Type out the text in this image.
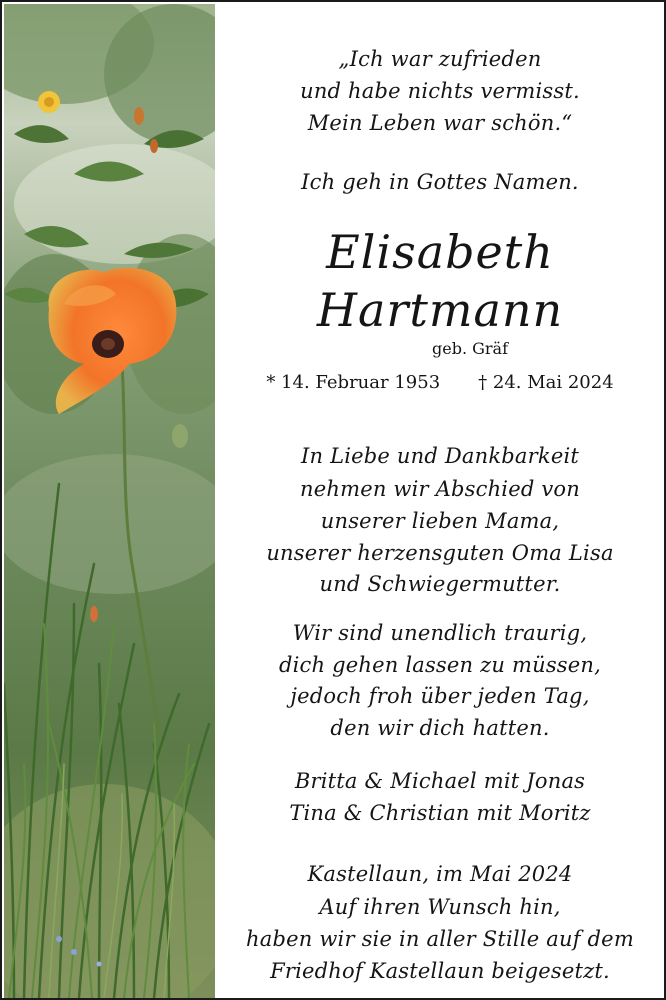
„Ich war zufrieden
und habe nichts vermisst.
Mein Leben war schön.“
Ich geh in Gottes Namen.
Elisabeth
Hartmann
geb. Gräf
* 14. Februar 1953 † 24. Mai 2024
In Liebe und Dankbarkeit
nehmen wir Abschied von
unserer lieben Mama,
unserer herzensguten Oma Lisa
und Schwiegermutter.
Wir sind unendlich traurig,
dich gehen lassen zu müssen,
jedoch froh über jeden Tag,
den wir dich hatten.
Britta & Michael mit Jonas
Tina & Christian mit Moritz
Kastellaun, im Mai 2024
Auf ihren Wunsch hin,
haben wir sie in aller Stille auf dem
Friedhof Kastellaun beigesetzt.
